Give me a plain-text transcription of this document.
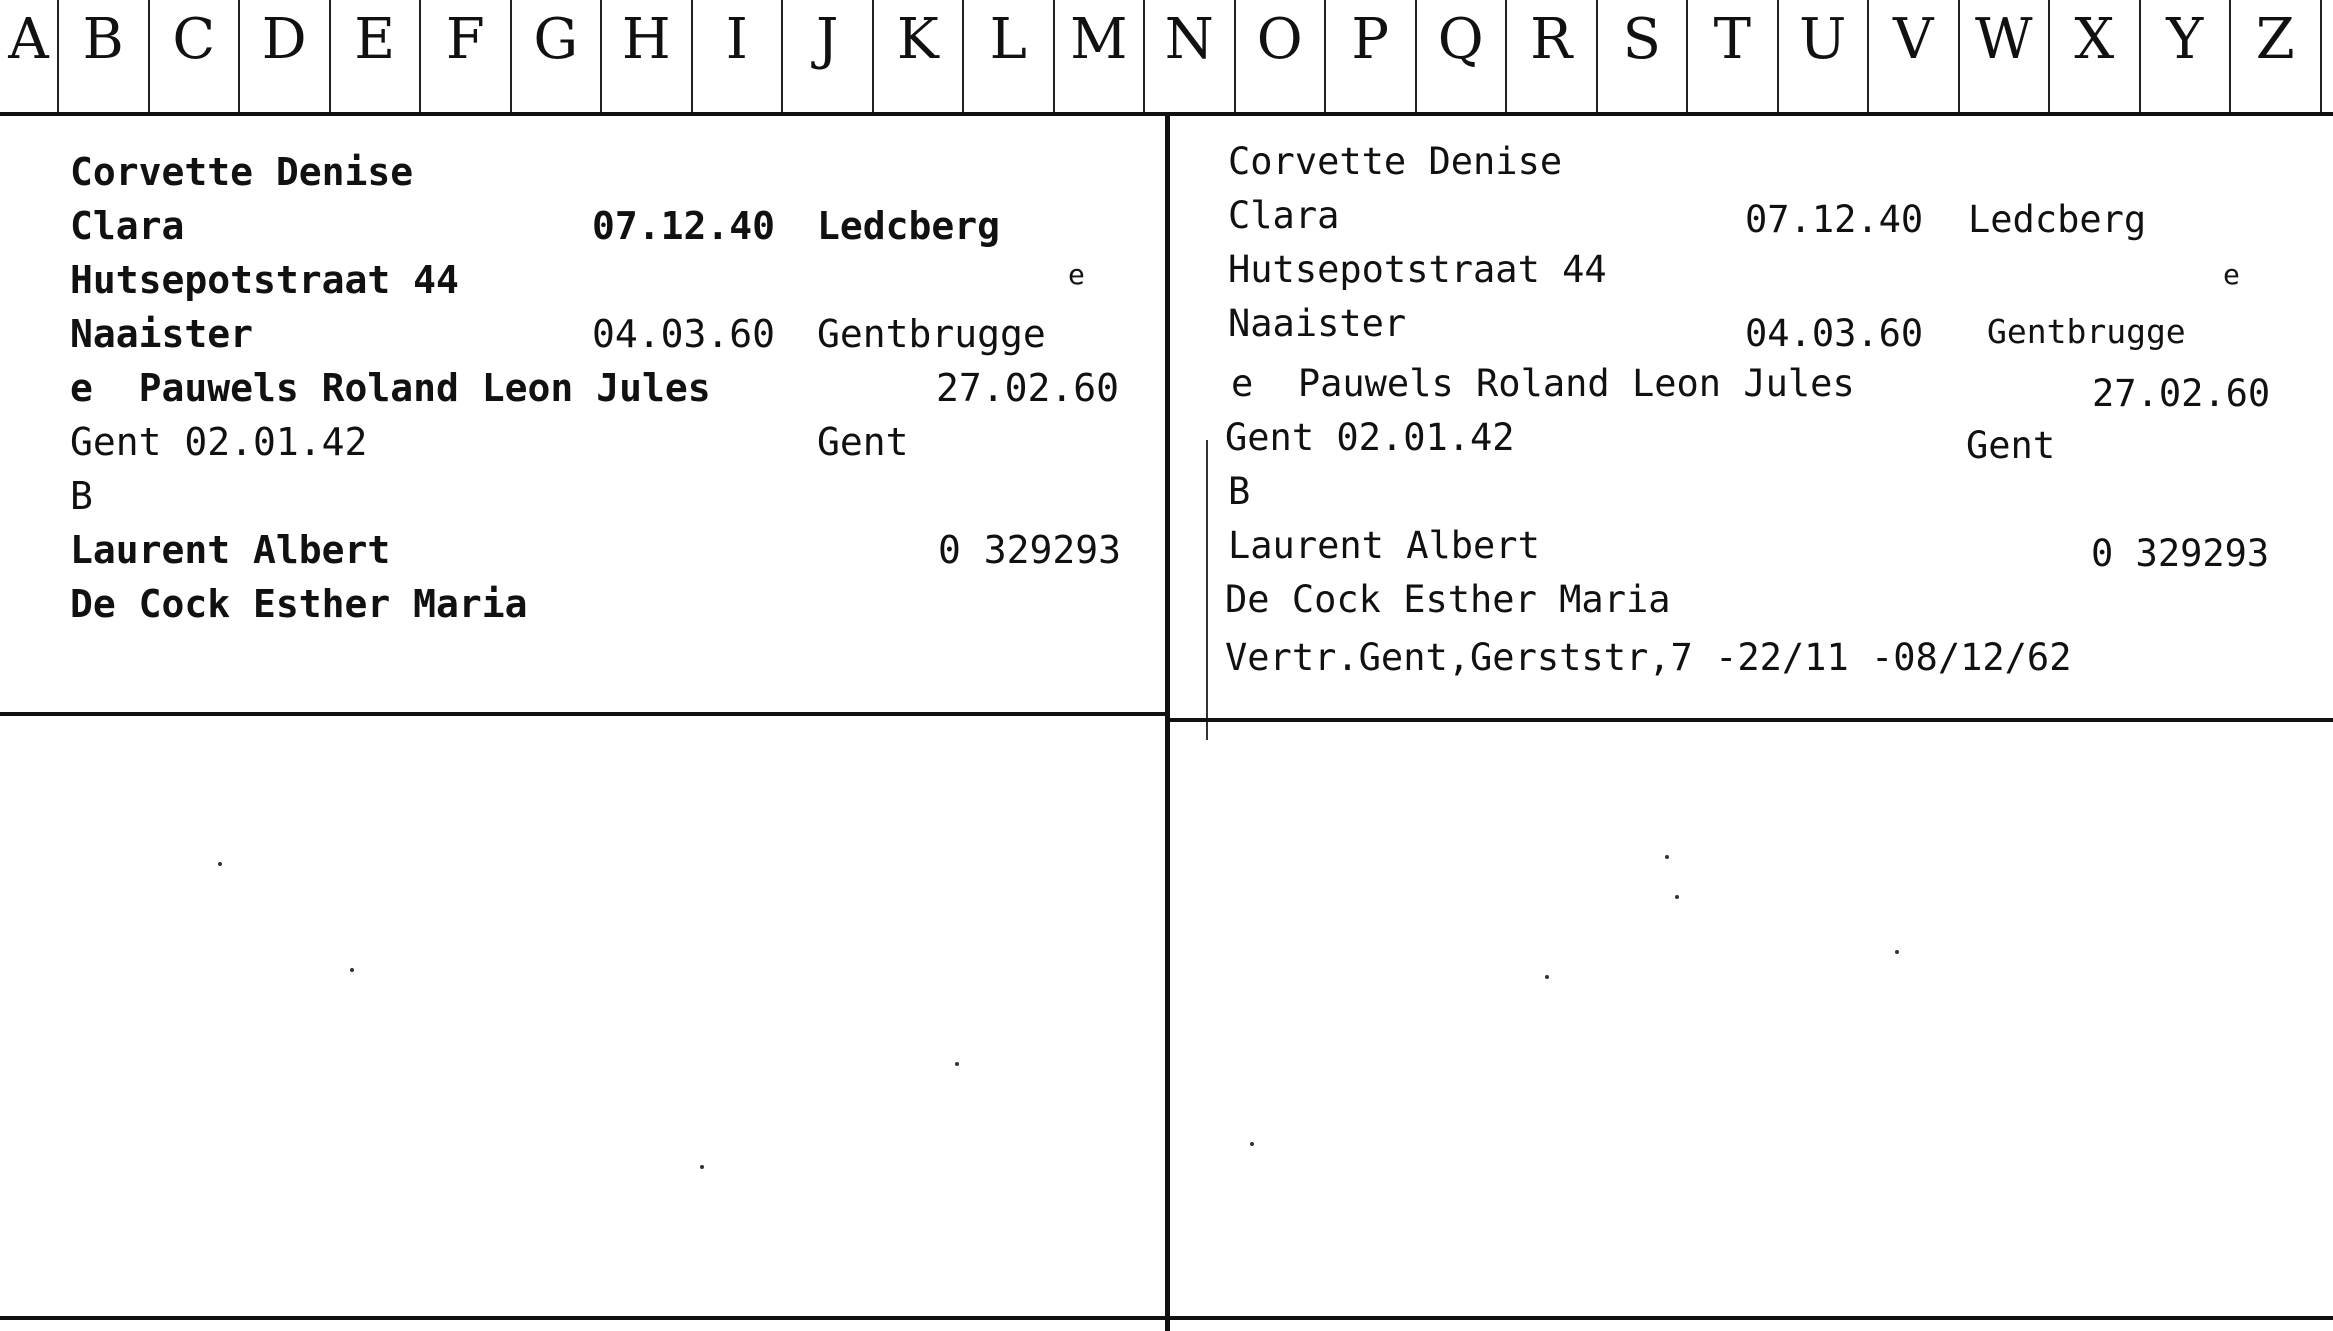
A B C D E F G H I	J	K L M N O P Q R S T U V W X Y Z
Corvette Denise
Clara	07.12.40 Ledcberg
Hutsepotstraat 44	e
Naaister	04.03.60 Gentbrugge
e  Pauwels Roland Leon Jules	27.02.60
Gent 02.01.42	Gent
B
Laurent Albert	0 329293
De Cock Esther Maria
Corvette Denise
Clara	07.12.40 Ledcberg
Hutsepotstraat 44	e
Naaister	04.03.60 Gentbrugge
e  Pauwels Roland Leon Jules	27.02.60
Gent 02.01.42	Gent
B
Laurent Albert	0 329293
De Cock Esther Maria
Vertr.Gent,Gerststr,7 -22/11 -08/12/62
